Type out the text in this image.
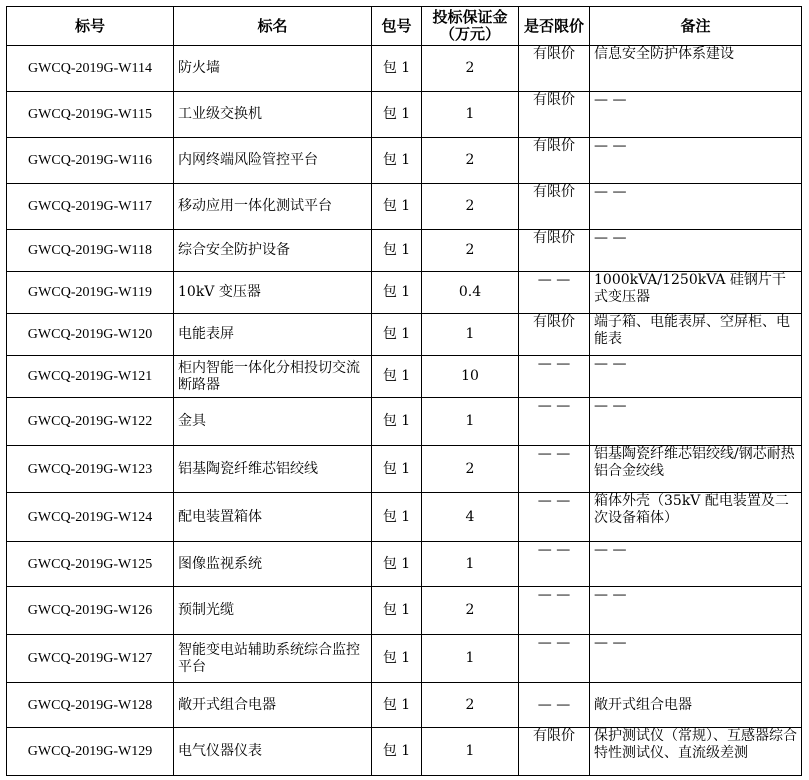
标号	标名	包号	投标保证金（万元）	是否限价	备注
GWCQ-2019G-W114	防火墙	包 1	2	有限价	信息安全防护体系建设
GWCQ-2019G-W115	工业级交换机	包 1	1	有限价	— —
GWCQ-2019G-W116	内网终端风险管控平台	包 1	2	有限价	— —
GWCQ-2019G-W117	移动应用一体化测试平台	包 1	2	有限价	— —
GWCQ-2019G-W118	综合安全防护设备	包 1	2	有限价	— —
GWCQ-2019G-W119	10kV 变压器	包 1	0.4	— —	1000kVA/1250kVA 硅钢片干式变压器
GWCQ-2019G-W120	电能表屏	包 1	1	有限价	端子箱、电能表屏、空屏柜、电能表
GWCQ-2019G-W121	柜内智能一体化分相投切交流断路器	包 1	10	— —	— —
GWCQ-2019G-W122	金具	包 1	1	— —	— —
GWCQ-2019G-W123	铝基陶瓷纤维芯铝绞线	包 1	2	— —	铝基陶瓷纤维芯铝绞线/钢芯耐热铝合金绞线
GWCQ-2019G-W124	配电装置箱体	包 1	4	— —	箱体外壳（35kV 配电装置及二次设备箱体）
GWCQ-2019G-W125	图像监视系统	包 1	1	— —	— —
GWCQ-2019G-W126	预制光缆	包 1	2	— —	— —
GWCQ-2019G-W127	智能变电站辅助系统综合监控平台	包 1	1	— —	— —
GWCQ-2019G-W128	敞开式组合电器	包 1	2	— —	敞开式组合电器
GWCQ-2019G-W129	电气仪器仪表	包 1	1	有限价	保护测试仪（常规）、互感器综合特性测试仪、直流级差测
